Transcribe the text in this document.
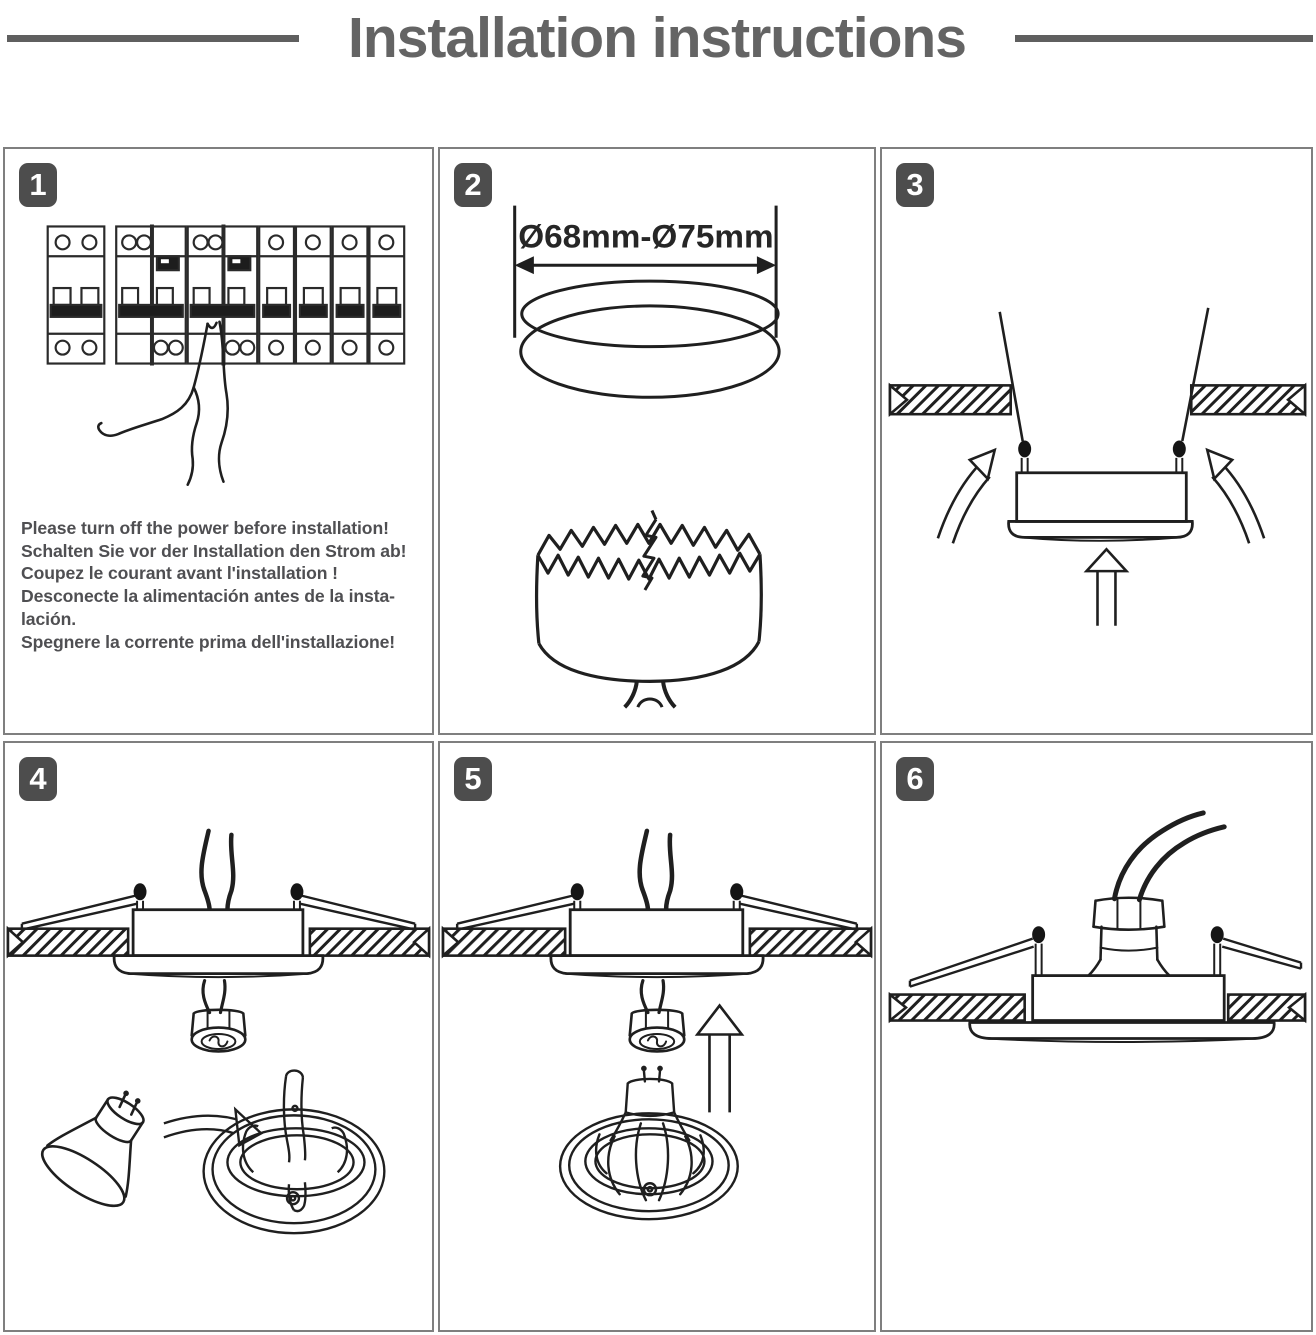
Installation instructions
1
Please turn off the power before installation!
Schalten Sie vor der Installation den Strom ab!
Coupez le courant avant l'installation !
Desconecte la alimentación antes de la insta-
lación.
Spegnere la corrente prima dell'installazione!
2
Ø68mm-Ø75mm
3
4	5	6
